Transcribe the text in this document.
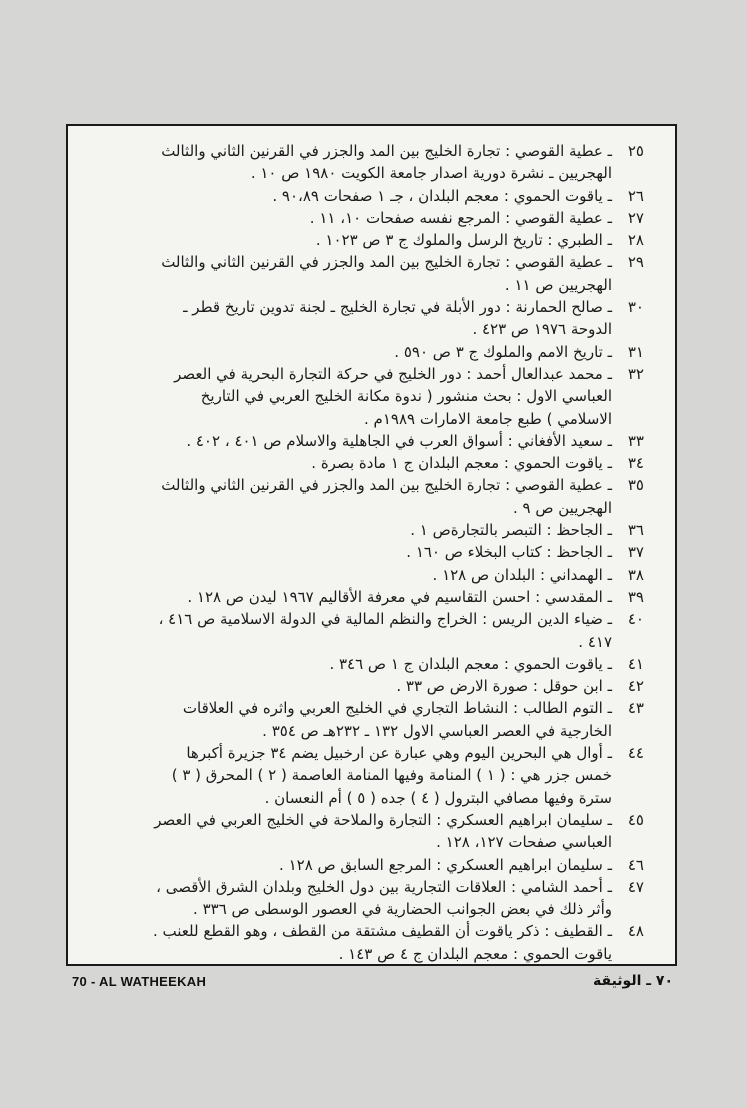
٢٥
ـ عطية القوصي : تجارة الخليج بين المد والجزر في القرنين الثاني والثالث
الهجريين ـ نشرة دورية اصدار جامعة الكويت ١٩٨٠ ص ١٠ .
٢٦
ـ ياقوت الحموي : معجم البلدان ، جـ ١ صفحات ٩٠،٨٩ .
٢٧
ـ عطية القوصي : المرجع نفسه صفحات ١٠، ١١ .
٢٨
ـ الطبري : تاريخ الرسل والملوك ج ٣ ص ١٠٢٣ .
٢٩
ـ عطية القوصي : تجارة الخليج بين المد والجزر في القرنين الثاني والثالث
الهجريين ص ١١ .
٣٠
ـ صالح الحمارنة : دور الأبلة في تجارة الخليج ـ لجنة تدوين تاريخ قطر ـ
الدوحة ١٩٧٦ ص ٤٢٣ .
٣١
ـ تاريخ الامم والملوك ج ٣ ص ٥٩٠ .
٣٢
ـ محمد عبدالعال أحمد : دور الخليج في حركة التجارة البحرية في العصر
العباسي الاول : بحث منشور ( ندوة مكانة الخليج العربي في التاريخ
الاسلامي ) طبع جامعة الامارات ١٩٨٩م .
٣٣
ـ سعيد الأفغاني : أسواق العرب في الجاهلية والاسلام ص ٤٠١ ، ٤٠٢ .
٣٤
ـ ياقوت الحموي : معجم البلدان ج ١ مادة بصرة .
٣٥
ـ عطية القوصي : تجارة الخليج بين المد والجزر في القرنين الثاني والثالث
الهجريين ص ٩ .
٣٦
ـ الجاحظ : التبصر بالتجارةص ١ .
٣٧
ـ الجاحظ : كتاب البخلاء ص ١٦٠ .
٣٨
ـ الهمداني : البلدان ص ١٢٨ .
٣٩
ـ المقدسي : احسن التقاسيم في معرفة الأقاليم ١٩٦٧ ليدن ص ١٢٨ .
٤٠
ـ ضياء الدين الريس : الخراج والنظم المالية في الدولة الاسلامية ص ٤١٦ ،
٤١٧ .
٤١
ـ ياقوت الحموي : معجم البلدان ج ١ ص ٣٤٦ .
٤٢
ـ ابن حوقل : صورة الارض ص ٣٣ .
٤٣
ـ التوم الطالب : النشاط التجاري في الخليج العربي واثره في العلاقات
الخارجية في العصر العباسي الاول ١٣٢ ـ ٢٣٢هـ ص ٣٥٤ .
٤٤
ـ أوال هي البحرين اليوم وهي عبارة عن ارخبيل يضم ٣٤ جزيرة أكبرها
خمس جزر هي : ( ١ ) المنامة وفيها المنامة العاصمة ( ٢ ) المحرق ( ٣ )
سترة وفيها مصافي البترول ( ٤ ) جده ( ٥ ) أم النعسان .
٤٥
ـ سليمان ابراهيم العسكري : التجارة والملاحة في الخليج العربي في العصر
العباسي صفحات ١٢٧، ١٢٨ .
٤٦
ـ سليمان ابراهيم العسكري : المرجع السابق ص ١٢٨ .
٤٧
ـ أحمد الشامي : العلاقات التجارية بين دول الخليج وبلدان الشرق الأقصى ،
وأثر ذلك في بعض الجوانب الحضارية في العصور الوسطى ص ٣٣٦ .
٤٨
ـ القطيف : ذكر ياقوت أن القطيف مشتقة من القطف ، وهو القطع للعنب .
ياقوت الحموي : معجم البلدان ج ٤ ص ١٤٣ .
70 - AL WATHEEKAH	٧٠ ـ الوثيقة
